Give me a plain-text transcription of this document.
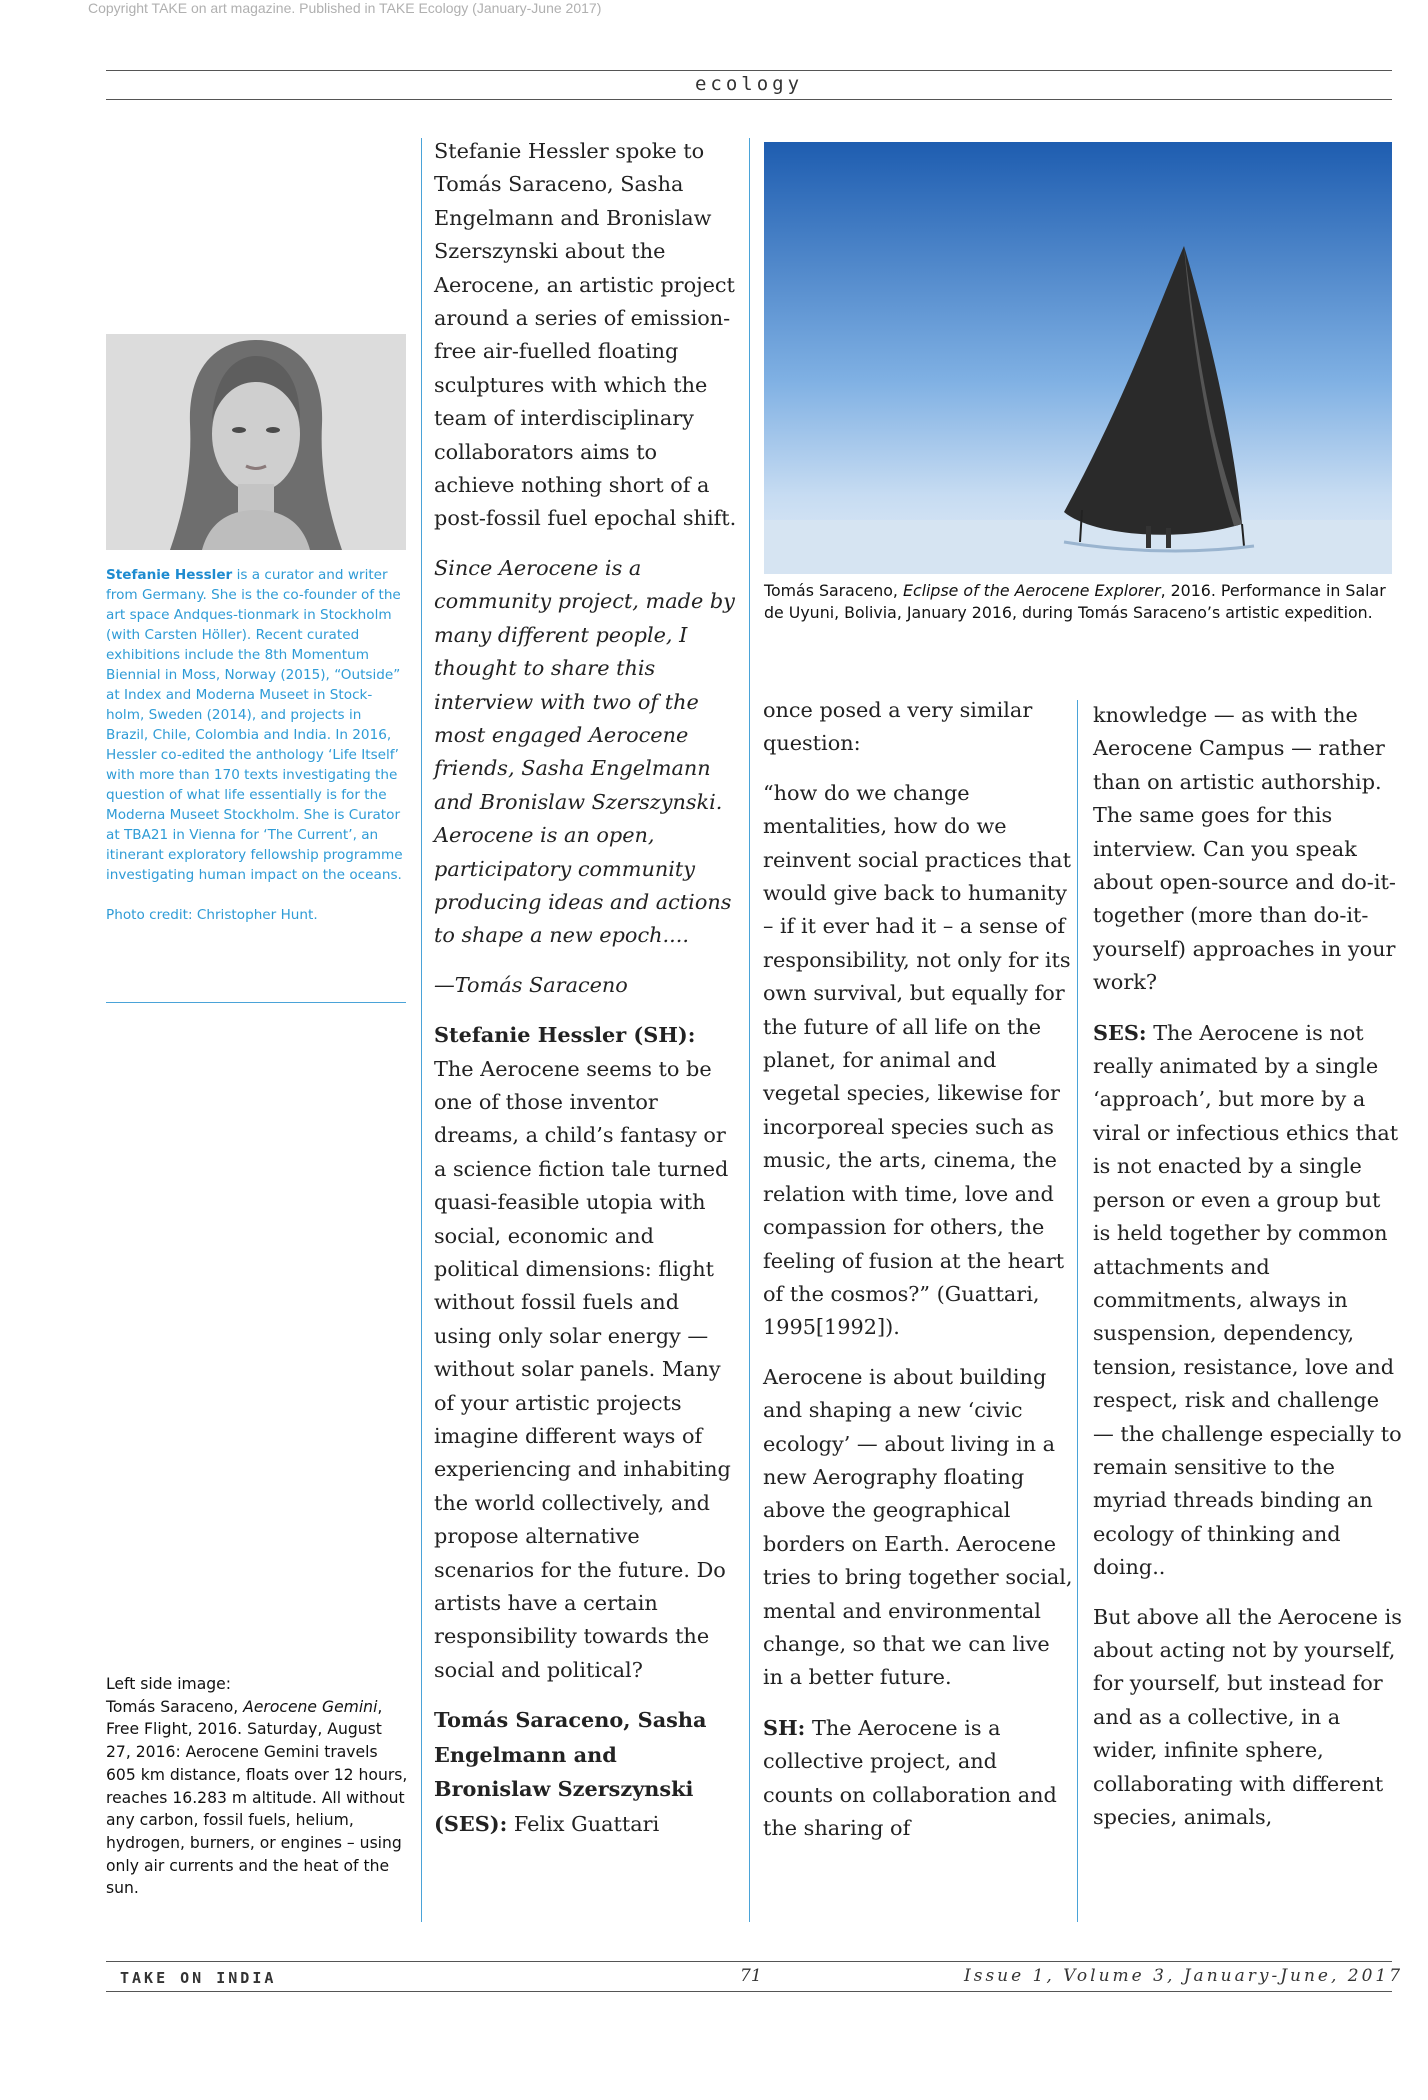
Copyright TAKE on art magazine. Published in TAKE Ecology (January-June 2017)
ecology

Stefanie Hessler is a curator and writer from Germany. She is the co-founder of the art space Andques-tionmark in Stockholm (with Carsten Höller). Recent curated exhibitions include the 8th Momentum Biennial in Moss, Norway (2015), “Outside” at Index and Moderna Museet in Stock-holm, Sweden (2014), and projects in Brazil, Chile, Colombia and India. In 2016, Hessler co-edited the anthology ‘Life Itself’ with more than 170 texts investigating the question of what life essentially is for the Moderna Museet Stockholm. She is Curator at TBA21 in Vienna for ‘The Current’, an itinerant exploratory fellowship programme investigating human impact on the oceans.

Photo credit: Christopher Hunt.

Left side image:

Tomás Saraceno, Aerocene Gemini, Free Flight, 2016. Saturday, August 27, 2016: Aerocene Gemini travels 605 km distance, floats over 12 hours, reaches 16.283 m altitude. All without any carbon, fossil fuels, helium, hydrogen, burners, or engines – using only air currents and the heat of the sun.

Stefanie Hessler spoke to Tomás Saraceno, Sasha Engelmann and Bronislaw Szerszynski about the Aerocene, an artistic project around a series of emission-free air-fuelled floating sculptures with which the team of interdisciplinary collaborators aims to achieve nothing short of a post-fossil fuel epochal shift.

Since Aerocene is a community project, made by many different people, I thought to share this interview with two of the most engaged Aerocene friends, Sasha Engelmann and Bronislaw Szerszynski. Aerocene is an open, participatory community producing ideas and actions to shape a new epoch....

—Tomás Saraceno

Stefanie Hessler (SH): The Aerocene seems to be one of those inventor dreams, a child’s fantasy or a science fiction tale turned quasi-feasible utopia with social, economic and political dimensions: flight without fossil fuels and using only solar energy — without solar panels. Many of your artistic projects imagine different ways of experiencing and inhabiting the world collectively, and propose alternative scenarios for the future. Do artists have a certain responsibility towards the social and political?

Tomás Saraceno, Sasha Engelmann and Bronislaw Szerszynski (SES): Felix Guattari

Tomás Saraceno, Eclipse of the Aerocene Explorer, 2016. Performance in Salar de Uyuni, Bolivia, January 2016, during Tomás Saraceno’s artistic expedition.

once posed a very similar question:

“how do we change mentalities, how do we reinvent social practices that would give back to humanity – if it ever had it – a sense of responsibility, not only for its own survival, but equally for the future of all life on the planet, for animal and vegetal species, likewise for incorporeal species such as music, the arts, cinema, the relation with time, love and compassion for others, the feeling of fusion at the heart of the cosmos?” (Guattari, 1995[1992]).

Aerocene is about building and shaping a new ‘civic ecology’ — about living in a new Aerography floating above the geographical borders on Earth. Aerocene tries to bring together social, mental and environmental change, so that we can live in a better future.

SH: The Aerocene is a collective project, and counts on collaboration and the sharing of

knowledge — as with the Aerocene Campus — rather than on artistic authorship. The same goes for this interview. Can you speak about open-source and do-it-together (more than do-it-yourself) approaches in your work?

SES: The Aerocene is not really animated by a single ‘approach’, but more by a viral or infectious ethics that is not enacted by a single person or even a group but is held together by common attachments and commitments, always in suspension, dependency, tension, resistance, love and respect, risk and challenge — the challenge especially to remain sensitive to the myriad threads binding an ecology of thinking and doing..

But above all the Aerocene is about acting not by yourself, for yourself, but instead for and as a collective, in a wider, infinite sphere, collaborating with different species, animals,

TAKE ON INDIA	71	Issue 1, Volume 3, January-June, 2017
